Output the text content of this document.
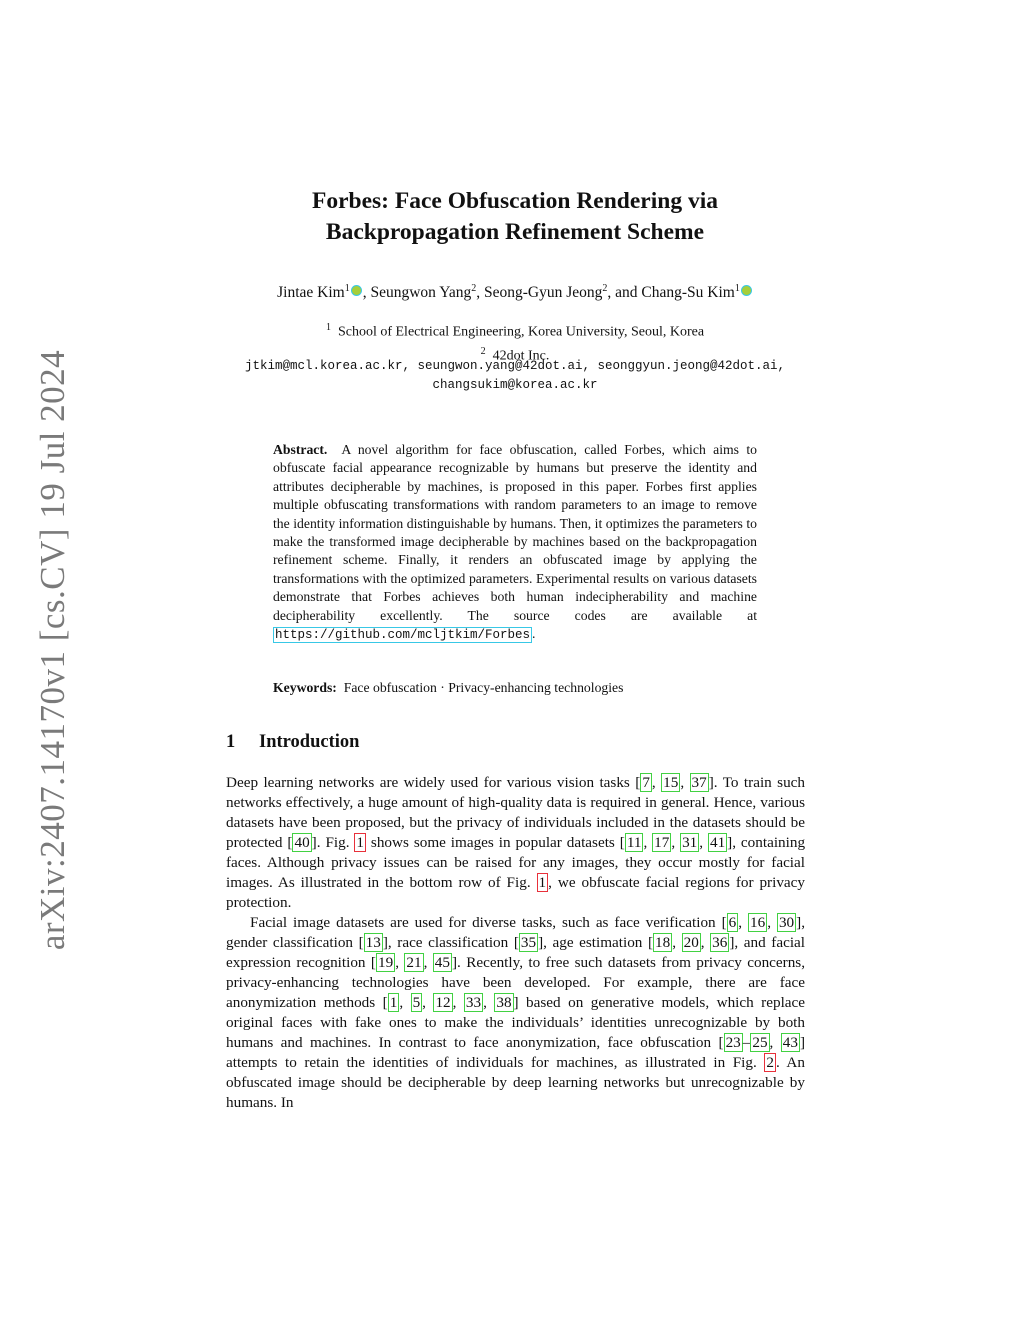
arXiv:2407.14170v1 [cs.CV] 19 Jul 2024
Forbes: Face Obfuscation Rendering via
Backpropagation Refinement Scheme
Jintae Kim$^1$ , Seungwon Yang$^2$, Seong-Gyun Jeong$^2$, and Chang-Su Kim$^1$
$^1$ School of Electrical Engineering, Korea University, Seoul, Korea
$^2$ 42dot Inc.
jtkim@mcl.korea.ac.kr, seungwon.yang@42dot.ai, seonggyun.jeong@42dot.ai,
changsukim@korea.ac.kr
Abstract. A novel algorithm for face obfuscation, called Forbes, which aims to obfuscate facial appearance recognizable by humans but preserve the identity and attributes decipherable by machines, is proposed in this paper. Forbes first applies multiple obfuscating transformations with random parameters to an image to remove the identity information distinguishable by humans. Then, it optimizes the parameters to make the transformed image decipherable by machines based on the backpropagation refinement scheme. Finally, it renders an obfuscated image by applying the transformations with the optimized parameters. Experimental results on various datasets demonstrate that Forbes achieves both human indecipherability and machine decipherability excellently. The source codes are available at https://github.com/mcljtkim/Forbes .
Keywords: Face obfuscation · Privacy-enhancing technologies
1 Introduction

Deep learning networks are widely used for various vision tasks [ 7 , 15 , 37 ]. To train such networks effectively, a huge amount of high-quality data is required in general. Hence, various datasets have been proposed, but the privacy of individuals included in the datasets should be protected [ 40 ]. Fig. 1 shows some images in popular datasets [ 11 , 17 , 31 , 41 ], containing faces. Although privacy issues can be raised for any images, they occur mostly for facial images. As illustrated in the bottom row of Fig. 1 , we obfuscate facial regions for privacy protection.

Facial image datasets are used for diverse tasks, such as face verification [ 6 , 16 , 30 ], gender classification [ 13 ], race classification [ 35 ], age estimation [ 18 , 20 , 36 ], and facial expression recognition [ 19 , 21 , 45 ]. Recently, to free such datasets from privacy concerns, privacy-enhancing technologies have been developed. For example, there are face anonymization methods [ 1 , 5 , 12 , 33 , 38 ] based on generative models, which replace original faces with fake ones to make the individuals’ identities unrecognizable by both humans and machines. In contrast to face anonymization, face obfuscation [ 23 – 25 , 43 ] attempts to retain the identities of individuals for machines, as illustrated in Fig. 2 . An obfuscated image should be decipherable by deep learning networks but unrecognizable by humans. In
